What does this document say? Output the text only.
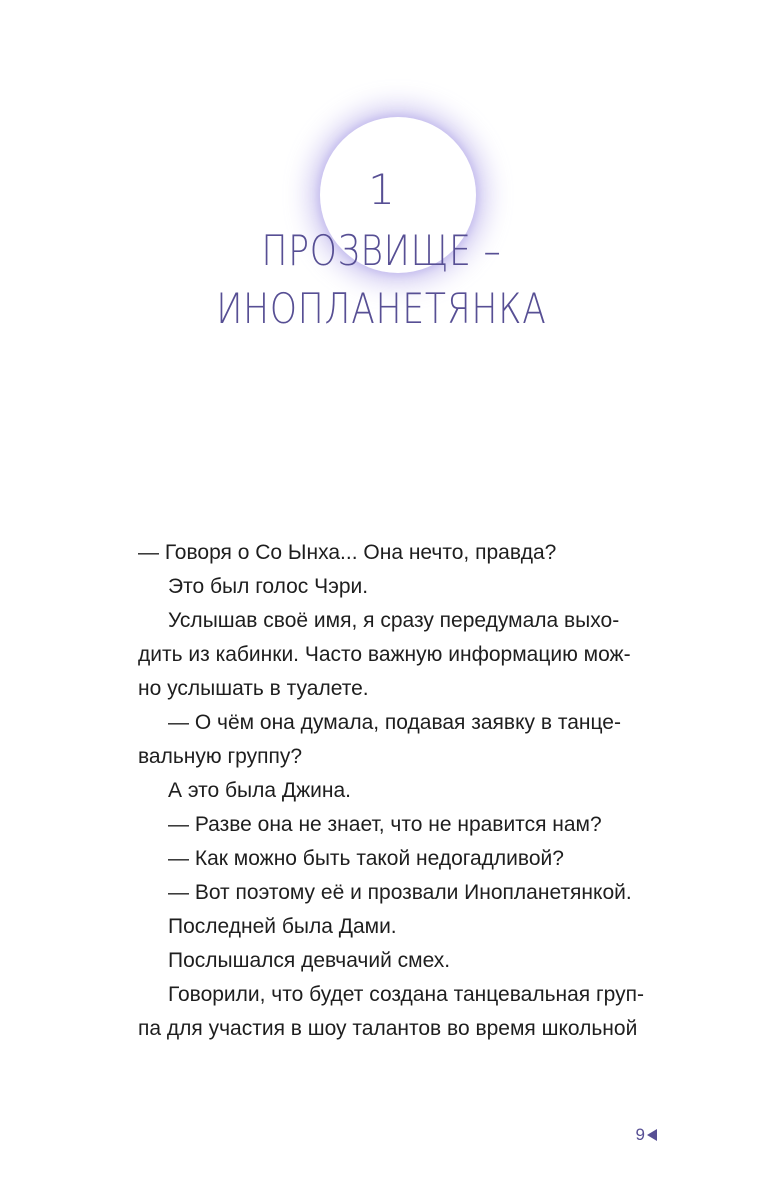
1
ПРОЗВИЩЕ –
ИНОПЛАНЕТЯНКА

— Говоря о Со Ынха... Она нечто, правда?

Это был голос Чэри.

Услышав своё имя, я сразу передумала выхо-

дить из кабинки. Часто важную информацию мож-

но услышать в туалете.

— О чём она думала, подавая заявку в танце-

вальную группу?

А это была Джина.

— Разве она не знает, что не нравится нам?

— Как можно быть такой недогадливой?

— Вот поэтому её и прозвали Инопланетянкой.

Последней была Дами.

Послышался девчачий смех.

Говорили, что будет создана танцевальная груп-

па для участия в шоу талантов во время школьной

9
